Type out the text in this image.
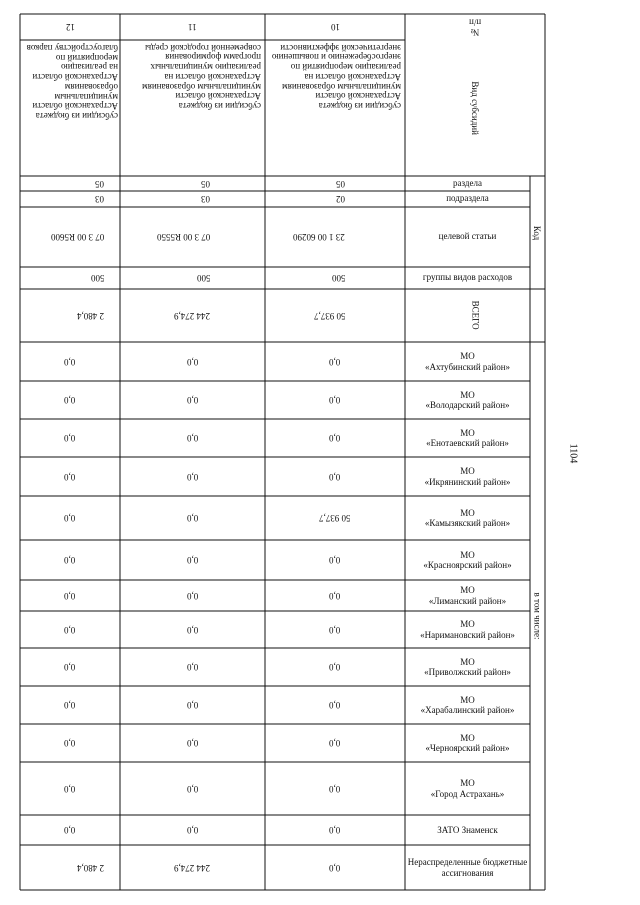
1104
№
п/п
Вид субсидий
раздела
подраздела
целевой статьи
группы видов расходов
Код
ВСЕГО
в том числе:
МО
«Ахтубинский район»
МО
«Володарский район»
МО
«Енотаевский район»
МО
«Икрянинский район»
МО
«Камызякский район»
МО
«Красноярский район»
МО
«Лиманский район»
МО
«Наримановский район»
МО
«Приволжский район»
МО
«Харабалинский район»
МО
«Черноярский район»
МО
«Город Астрахань»
ЗАТО Знаменск
Нераспределенные бюджетные ассигнования
10
субсидии из бюджета Астраханской области муниципальным образованиям Астраханской области на реализацию мероприятий по энергосбережению и повышению энергетической эффективности
05
02
23 1 00 60290
500
50 937,7
0,0
0,0
0,0
0,0
50 937,7
0,0
0,0
0,0
0,0
0,0
0,0
0,0
0,0
0,0
11
субсидии из бюджета Астраханской области муниципальным образованиям Астраханской области на реализацию муниципальных программ формирования современной городской среды
05
03
07 3 00 R5550
500
244 274,9
0,0
0,0
0,0
0,0
0,0
0,0
0,0
0,0
0,0
0,0
0,0
0,0
0,0
244 274,9
12
субсидии из бюджета Астраханской области муниципальным образованиям Астраханской области на реализацию мероприятий по благоустройству парков
05
03
07 3 00 R5600
500
2 480,4
0,0
0,0
0,0
0,0
0,0
0,0
0,0
0,0
0,0
0,0
0,0
0,0
0,0
2 480,4
